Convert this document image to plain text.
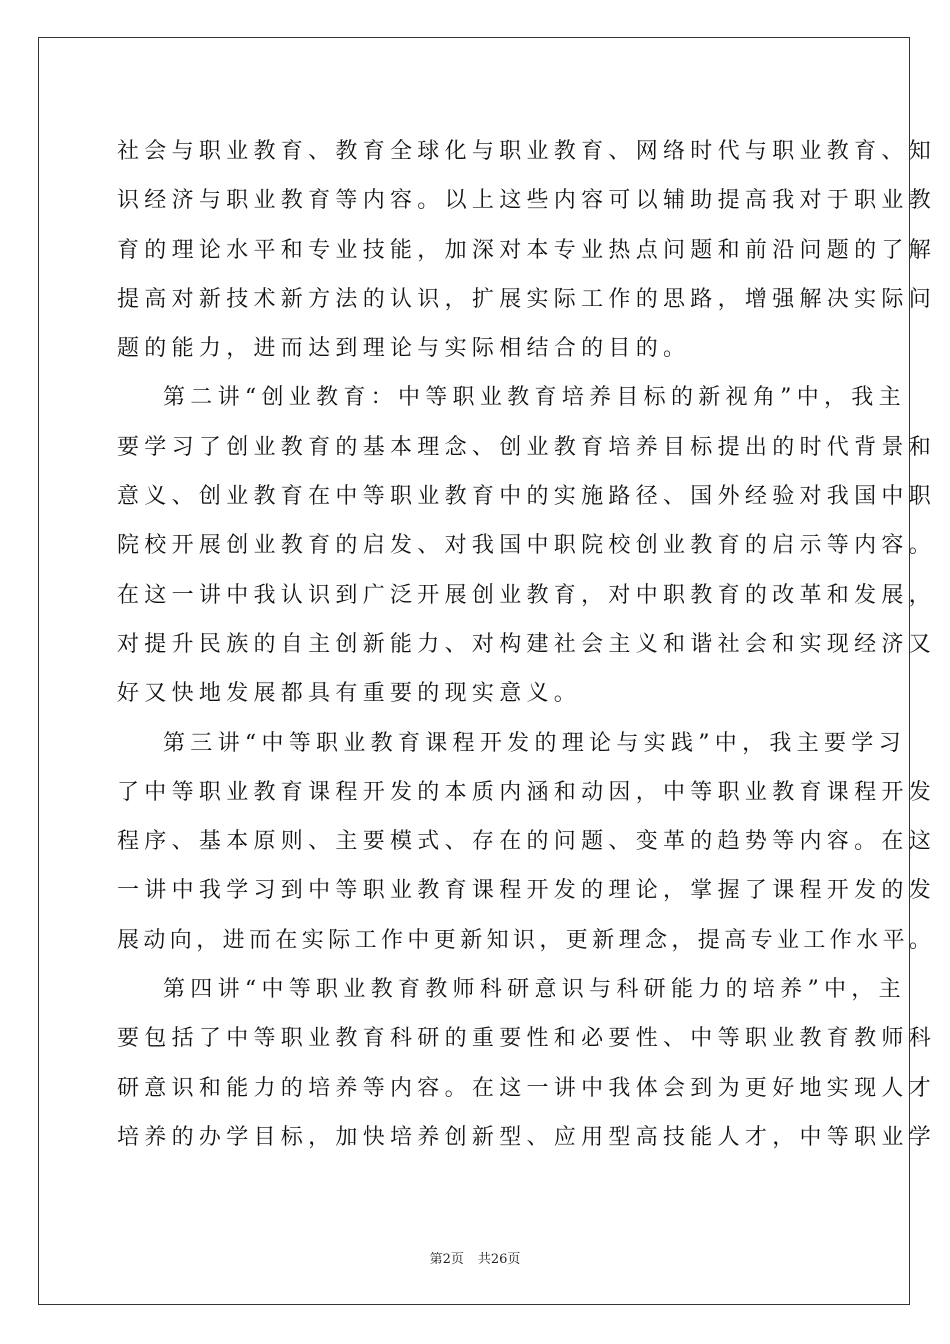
社会与职业教育、教育全球化与职业教育、网络时代与职业教育、知
识经济与职业教育等内容。以上这些内容可以辅助提高我对于职业教
育的理论水平和专业技能，加深对本专业热点问题和前沿问题的了解
提高对新技术新方法的认识，扩展实际工作的思路，增强解决实际问
题的能力，进而达到理论与实际相结合的目的。
第二讲“创业教育：中等职业教育培养目标的新视角”中，我主
要学习了创业教育的基本理念、创业教育培养目标提出的时代背景和
意义、创业教育在中等职业教育中的实施路径、国外经验对我国中职
院校开展创业教育的启发、对我国中职院校创业教育的启示等内容。
在这一讲中我认识到广泛开展创业教育，对中职教育的改革和发展，
对提升民族的自主创新能力、对构建社会主义和谐社会和实现经济又
好又快地发展都具有重要的现实意义。
第三讲“中等职业教育课程开发的理论与实践”中，我主要学习
了中等职业教育课程开发的本质内涵和动因，中等职业教育课程开发
程序、基本原则、主要模式、存在的问题、变革的趋势等内容。在这
一讲中我学习到中等职业教育课程开发的理论，掌握了课程开发的发
展动向，进而在实际工作中更新知识，更新理念，提高专业工作水平。
第四讲“中等职业教育教师科研意识与科研能力的培养”中，主
要包括了中等职业教育科研的重要性和必要性、中等职业教育教师科
研意识和能力的培养等内容。在这一讲中我体会到为更好地实现人才
培养的办学目标，加快培养创新型、应用型高技能人才，中等职业学
第2页 共26页
